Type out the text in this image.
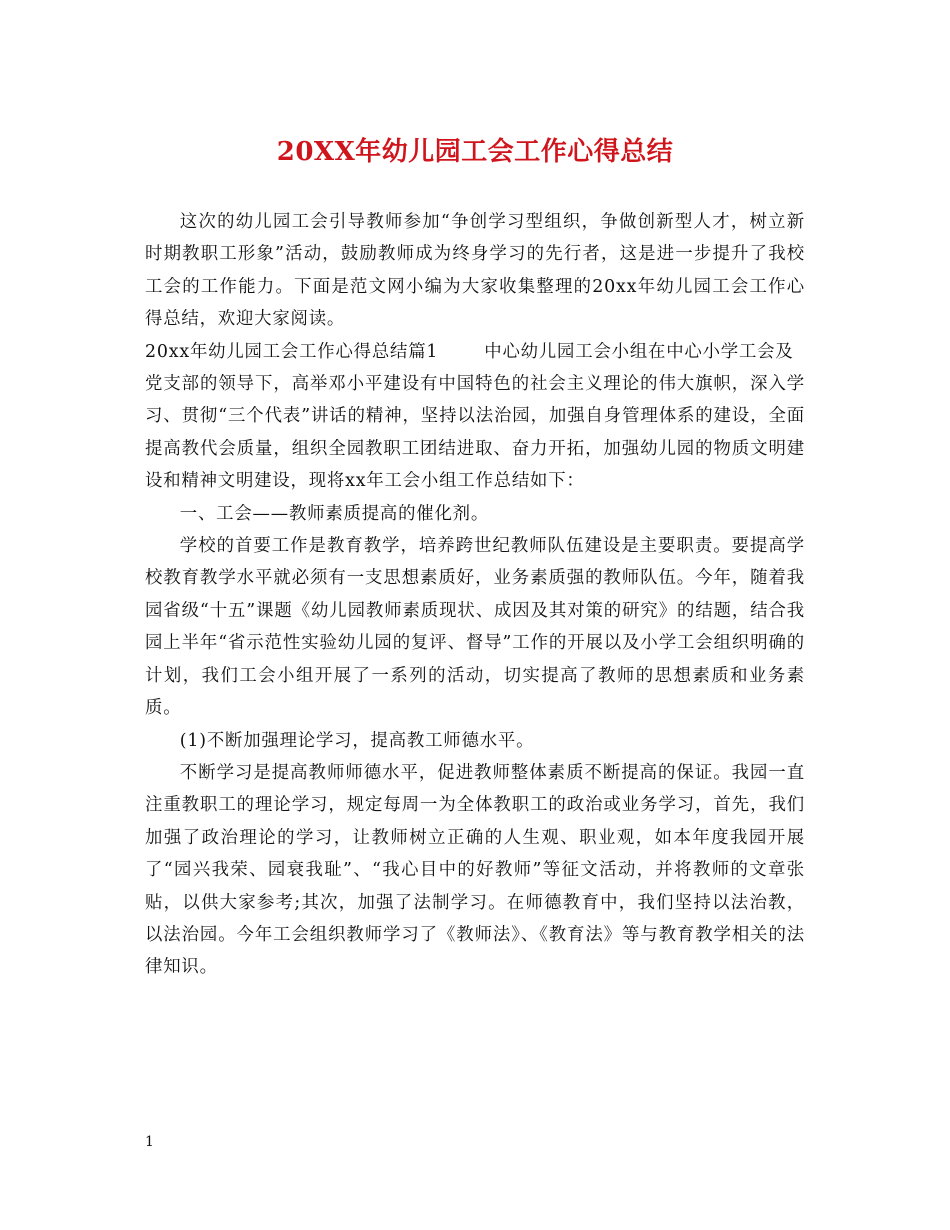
20XX年幼儿园工会工作心得总结

这次的幼儿园工会引导教师参加“争创学习型组织，争做创新型人才，树立新时期教职工形象”活动，鼓励教师成为终身学习的先行者，这是进一步提升了我校工会的工作能力。下面是范文网小编为大家收集整理的20xx年幼儿园工会工作心得总结，欢迎大家阅读。

20xx年幼儿园工会工作心得总结篇1	中心幼儿园工会小组在中心小学工会及

党支部的领导下，高举邓小平建设有中国特色的社会主义理论的伟大旗帜，深入学习、贯彻“三个代表”讲话的精神，坚持以法治园，加强自身管理体系的建设，全面提高教代会质量，组织全园教职工团结进取、奋力开拓，加强幼儿园的物质文明建设和精神文明建设，现将xx年工会小组工作总结如下：

一、工会——教师素质提高的催化剂。

学校的首要工作是教育教学，培养跨世纪教师队伍建设是主要职责。要提高学校教育教学水平就必须有一支思想素质好，业务素质强的教师队伍。今年，随着我园省级“十五”课题《幼儿园教师素质现状、成因及其对策的研究》的结题，结合我园上半年“省示范性实验幼儿园的复评、督导”工作的开展以及小学工会组织明确的计划，我们工会小组开展了一系列的活动，切实提高了教师的思想素质和业务素质。

(1)不断加强理论学习，提高教工师德水平。

不断学习是提高教师师德水平，促进教师整体素质不断提高的保证。我园一直注重教职工的理论学习，规定每周一为全体教职工的政治或业务学习，首先，我们加强了政治理论的学习，让教师树立正确的人生观、职业观，如本年度我园开展了“园兴我荣、园衰我耻”、“我心目中的好教师”等征文活动，并将教师的文章张贴，以供大家参考;其次，加强了法制学习。在师德教育中，我们坚持以法治教，以法治园。今年工会组织教师学习了《教师法》、《教育法》等与教育教学相关的法律知识。

1
